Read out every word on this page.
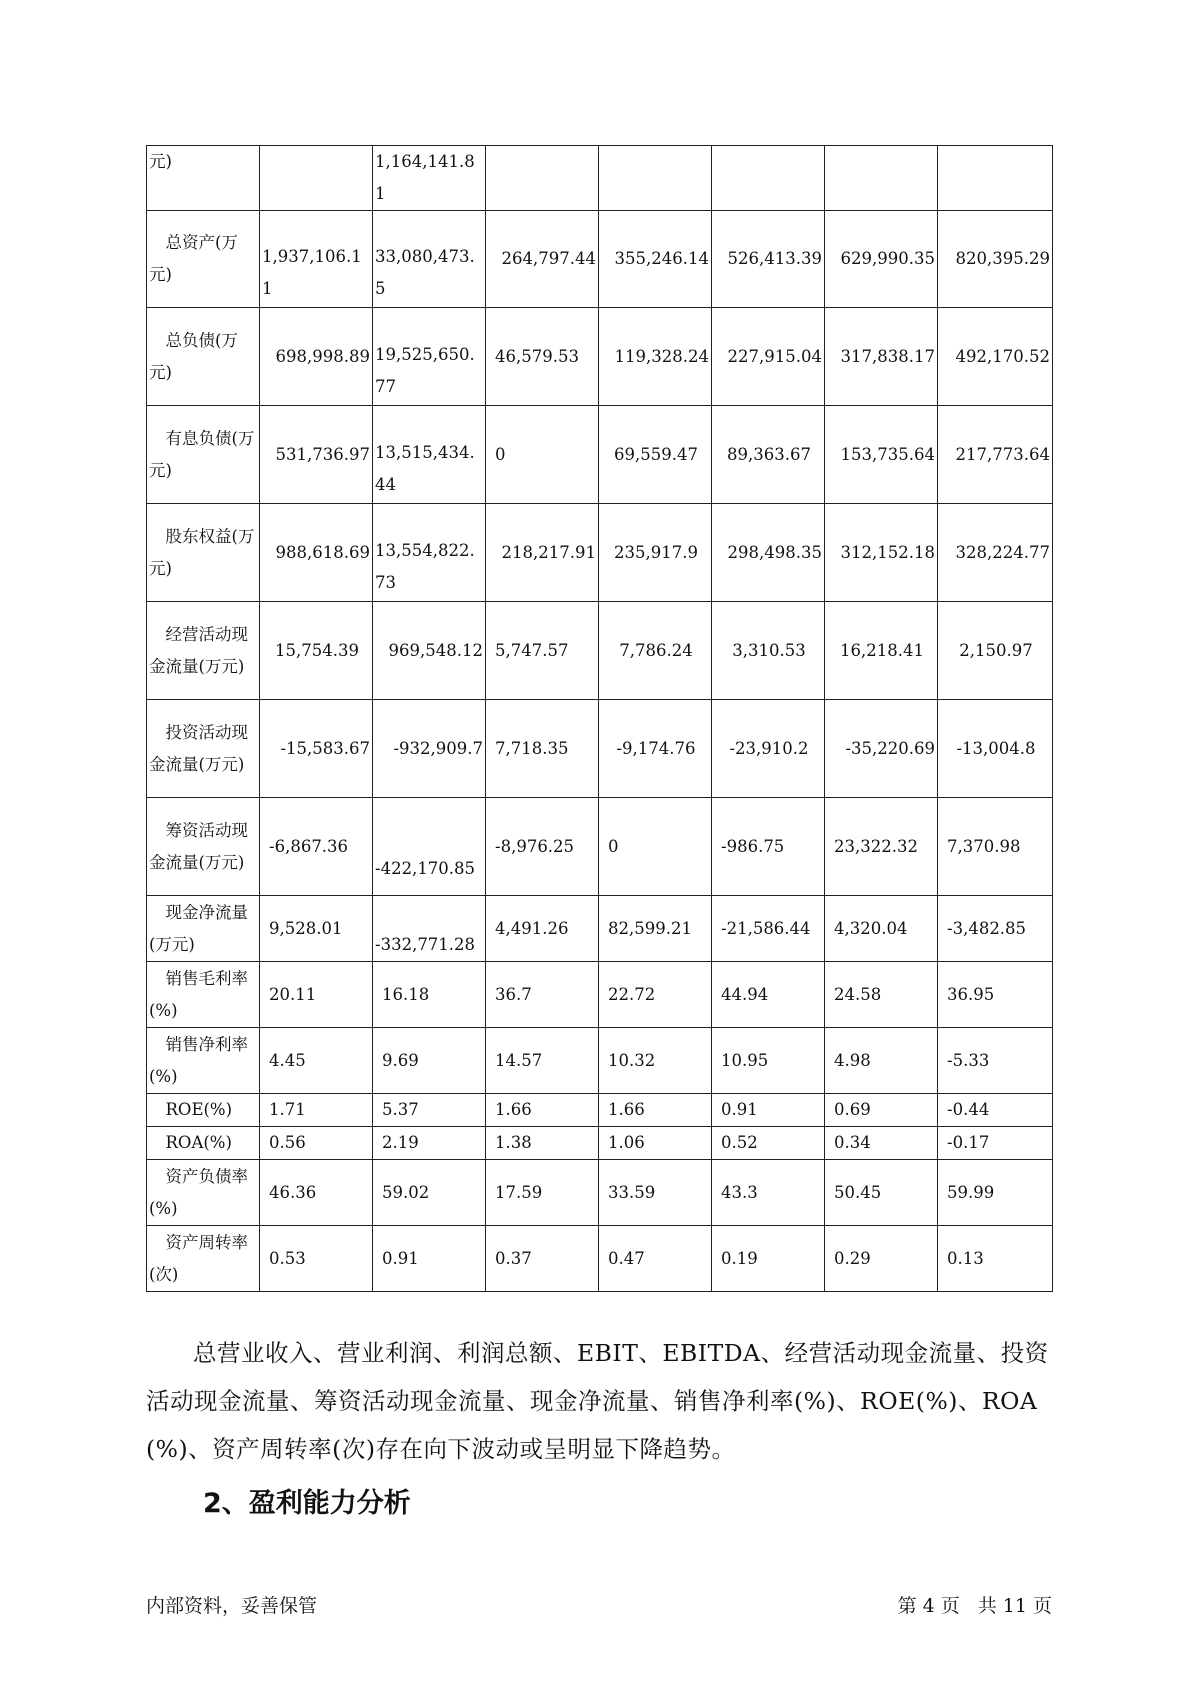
元)		1,164,141.81					
总资产(万元)	1,937,106.11	33,080,473.5	264,797.44	355,246.14	526,413.39	629,990.35	820,395.29
总负债(万元)	698,998.89	19,525,650.77	46,579.53	119,328.24	227,915.04	317,838.17	492,170.52
有息负债(万元)	531,736.97	13,515,434.44	0	69,559.47	89,363.67	153,735.64	217,773.64
股东权益(万元)	988,618.69	13,554,822.73	218,217.91	235,917.9	298,498.35	312,152.18	328,224.77
经营活动现金流量(万元)	15,754.39	969,548.12	5,747.57	7,786.24	3,310.53	16,218.41	2,150.97
投资活动现金流量(万元)	-15,583.67	-932,909.7	7,718.35	-9,174.76	-23,910.2	-35,220.69	-13,004.8
筹资活动现金流量(万元)	-6,867.36	-422,170.85	-8,976.25	0	-986.75	23,322.32	7,370.98
现金净流量(万元)	9,528.01	-332,771.28	4,491.26	82,599.21	-21,586.44	4,320.04	-3,482.85
销售毛利率(%)	20.11	16.18	36.7	22.72	44.94	24.58	36.95
销售净利率(%)	4.45	9.69	14.57	10.32	10.95	4.98	-5.33
ROE(%)	1.71	5.37	1.66	1.66	0.91	0.69	-0.44
ROA(%)	0.56	2.19	1.38	1.06	0.52	0.34	-0.17
资产负债率(%)	46.36	59.02	17.59	33.59	43.3	50.45	59.99
资产周转率(次)	0.53	0.91	0.37	0.47	0.19	0.29	0.13

总营业收入、营业利润、利润总额、EBIT、EBITDA、经营活动现金流量、投资活动现金流量、筹资活动现金流量、现金净流量、销售净利率(%)、ROE(%)、ROA(%)、资产周转率(次)存在向下波动或呈明显下降趋势。

2、盈利能力分析
内部资料，妥善保管	第 4 页 共 11 页
